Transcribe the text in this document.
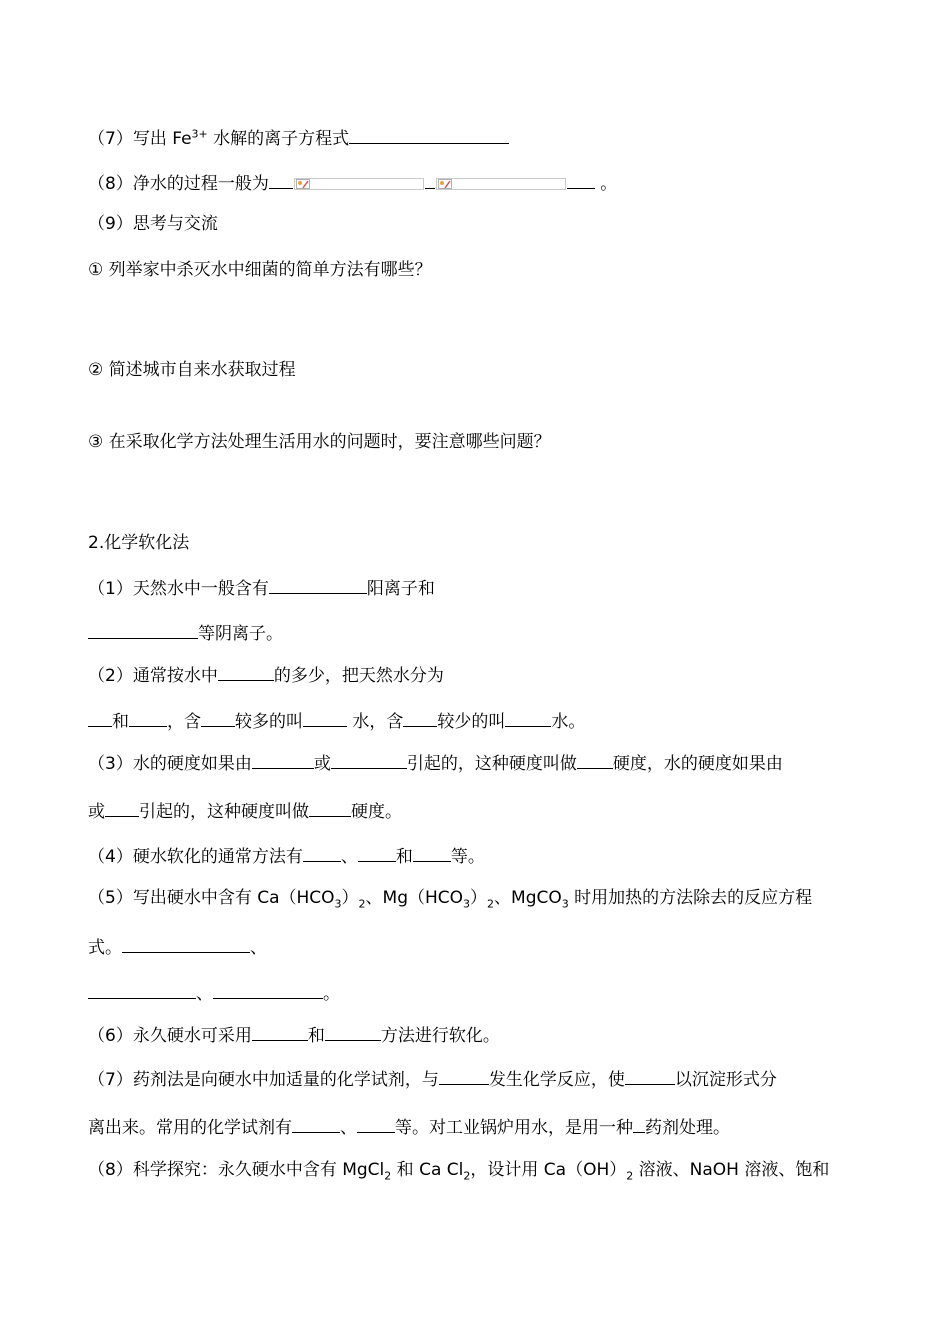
（7）写出 $Fe^{3+}$ 水解的离子方程式
（8）净水的过程一般为	。
（9）思考与交流
① 列举家中杀灭水中细菌的简单方法有哪些？
② 简述城市自来水获取过程
③ 在采取化学方法处理生活用水的问题时，要注意哪些问题？
2.化学软化法
（1）天然水中一般含有	阳离子和
等阴离子。
（2）通常按水中	的多少，把天然水分为
和 ，含 较多的叫	水，含 较少的叫	水。
（3）水的硬度如果由	或	引起的，这种硬度叫做 硬度，水的硬度如果由
或 引起的，这种硬度叫做 硬度。
（4）硬水软化的通常方法有 、 和 等。
（5）写出硬水中含有 $Ca(HCO_3)_2$、$Mg(HCO_3)_2$、MgCO$_3$ 时用加热的方法除去的反应方程
式。	、
、	。
（6）永久硬水可采用	和	方法进行软化。
（7）药剂法是向硬水中加适量的化学试剂，与	发生化学反应，使	以沉淀形式分
离出来。常用的化学试剂有	、 等。对工业锅炉用水，是用一种 药剂处理。
（8）科学探究：永久硬水中含有 MgCl$_2$ 和 Ca $Cl_2$，设计用 $Ca(OH)_2$ 溶液、NaOH 溶液、饱和
